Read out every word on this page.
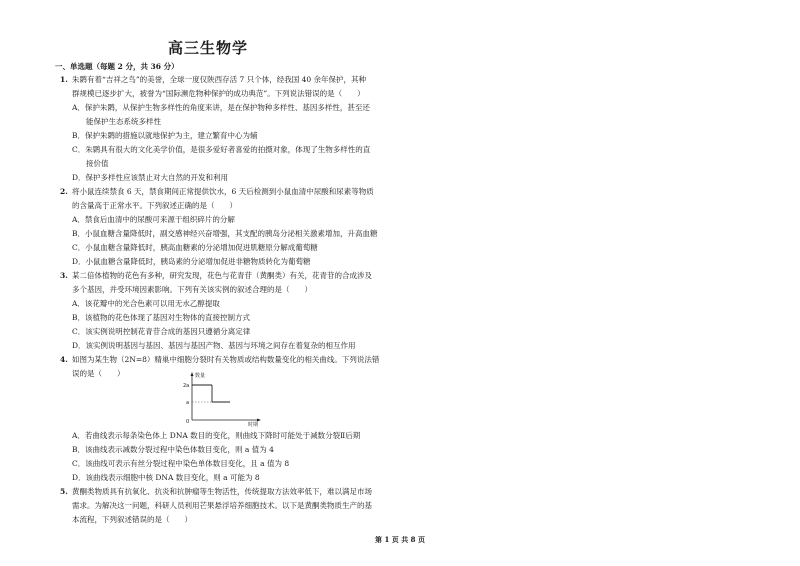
高三生物学
一、单选题（每题 2 分，共 36 分）
1. 朱鹮有着“吉祥之鸟”的美誉，全球一度仅陕西存活 7 只个体，经我国 40 余年保护，其种
群规模已逐步扩大，被誉为“国际濒危物种保护的成功典范”。下列说法错误的是（　　）
A．保护朱鹮，从保护生物多样性的角度来讲，是在保护物种多样性、基因多样性，甚至还
能保护生态系统多样性
B．保护朱鹮的措施以就地保护为主，建立繁育中心为辅
C．朱鹮具有很大的文化美学价值，是很多爱好者喜爱的拍摄对象，体现了生物多样性的直
接价值
D．保护多样性应该禁止对大自然的开发和利用
2. 将小鼠连续禁食 6 天，禁食期间正常提供饮水，6 天后检测到小鼠血清中尿酸和尿素等物质
的含量高于正常水平。下列叙述正确的是（　　）
A．禁食后血清中的尿酸可来源于组织碎片的分解
B．小鼠血糖含量降低时，副交感神经兴奋增强，其支配的胰岛分泌相关激素增加，升高血糖
C．小鼠血糖含量降低时，胰高血糖素的分泌增加促进肌糖原分解成葡萄糖
D．小鼠血糖含量降低时，胰岛素的分泌增加促进非糖物质转化为葡萄糖
3. 某二倍体植物的花色有多种，研究发现，花色与花青苷（黄酮类）有关，花青苷的合成涉及
多个基因，并受环境因素影响。下列有关该实例的叙述合理的是（　　）
A．该花瓣中的光合色素可以用无水乙醇提取
B．该植物的花色体现了基因对生物体的直接控制方式
C．该实例说明控制花青苷合成的基因只遵循分离定律
D．该实例说明基因与基因、基因与基因产物、基因与环境之间存在着复杂的相互作用
4. 如图为某生物（2N=8）精巢中细胞分裂时有关物质或结构数量变化的相关曲线。下列说法错
误的是（　　）	数量
2a
a
0	时期
A．若曲线表示每条染色体上 DNA 数目的变化，则曲线下降时可能处于减数分裂Ⅱ后期
B．该曲线表示减数分裂过程中染色体数目变化，则 a 值为 4
C．该曲线可表示有丝分裂过程中染色单体数目变化，且 a 值为 8
D．该曲线表示细胞中核 DNA 数目变化，则 a 可能为 8
5. 黄酮类物质具有抗氧化、抗炎和抗肿瘤等生物活性，传统提取方法效率低下，难以满足市场
需求。为解决这一问题，科研人员利用芒果悬浮培养细胞技术。以下是黄酮类物质生产的基
本流程，下列叙述错误的是（　　）
第 1 页 共 8 页
